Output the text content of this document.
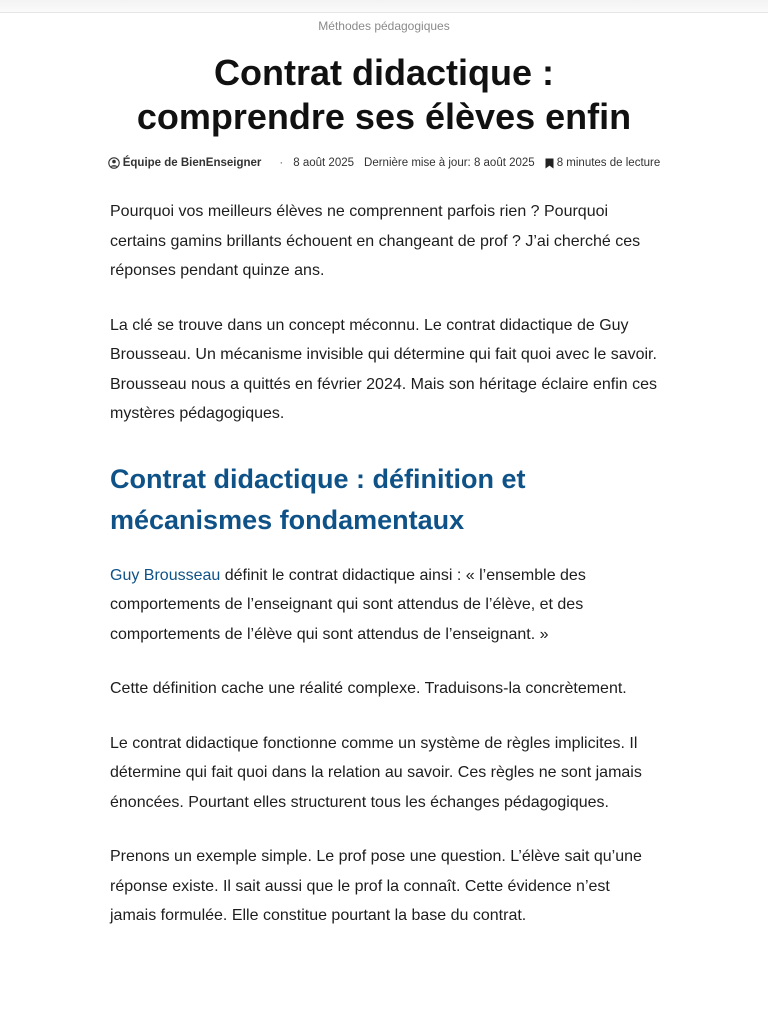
Méthodes pédagogiques
Contrat didactique :
comprendre ses élèves enfin
Équipe de BienEnseigner · 8 août 2025 Dernière mise à jour: 8 août 2025 8 minutes de lecture

Pourquoi vos meilleurs élèves ne comprennent parfois rien ? Pourquoi certains gamins brillants échouent en changeant de prof ? J’ai cherché ces réponses pendant quinze ans.

La clé se trouve dans un concept méconnu. Le contrat didactique de Guy Brousseau. Un mécanisme invisible qui détermine qui fait quoi avec le savoir. Brousseau nous a quittés en février 2024. Mais son héritage éclaire enfin ces mystères pédagogiques.

Contrat didactique : définition et mécanismes fondamentaux

Guy Brousseau définit le contrat didactique ainsi : « l’ensemble des comportements de l’enseignant qui sont attendus de l’élève, et des comportements de l’élève qui sont attendus de l’enseignant. »

Cette définition cache une réalité complexe. Traduisons-la concrètement.

Le contrat didactique fonctionne comme un système de règles implicites. Il détermine qui fait quoi dans la relation au savoir. Ces règles ne sont jamais énoncées. Pourtant elles structurent tous les échanges pédagogiques.

Prenons un exemple simple. Le prof pose une question. L’élève sait qu’une réponse existe. Il sait aussi que le prof la connaît. Cette évidence n’est jamais formulée. Elle constitue pourtant la base du contrat.
